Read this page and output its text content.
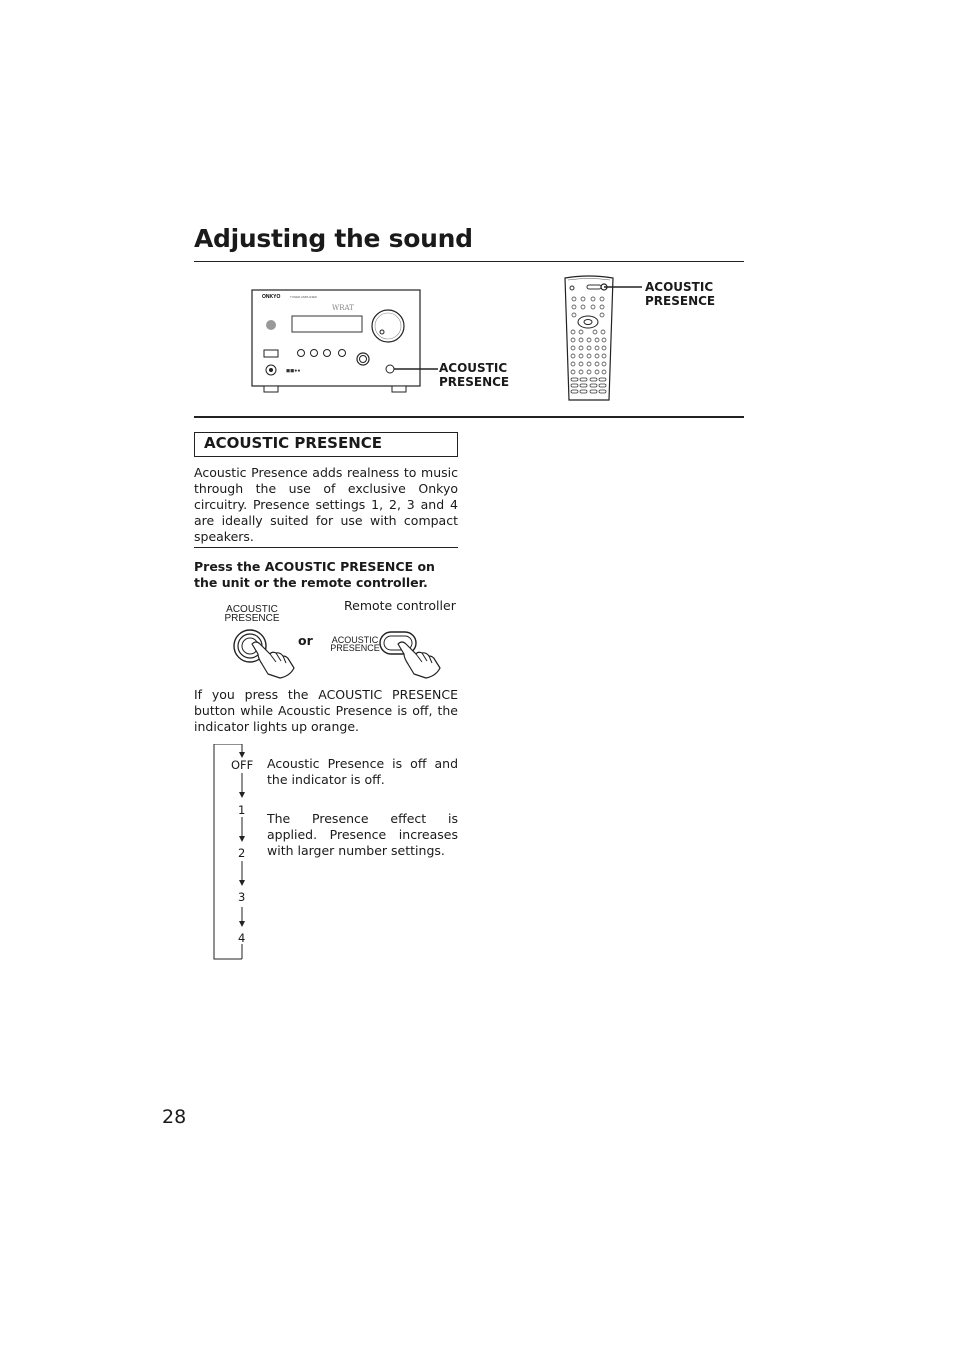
Adjusting the sound
ONKYO	TUNER AMPLIFIER
WRAT
◼◼●●	ACOUSTIC
PRESENCE
ACOUSTIC
PRESENCE
ACOUSTIC PRESENCE
Acoustic Presence adds realness to music through the use of exclusive Onkyo circuitry. Presence settings 1, 2, 3 and 4 are ideally suited for use with compact speakers.
Press the ACOUSTIC PRESENCE on the unit or the remote controller.
Remote controller
ACOUSTIC
PRESENCE
or	ACOUSTIC
PRESENCE
If you press the ACOUSTIC PRESENCE button while Acoustic Presence is off, the indicator lights up orange.
OFF
1
2
3
4
Acoustic Presence is off and the indicator is off.
The Presence effect is applied. Presence increases with larger number settings.
28
